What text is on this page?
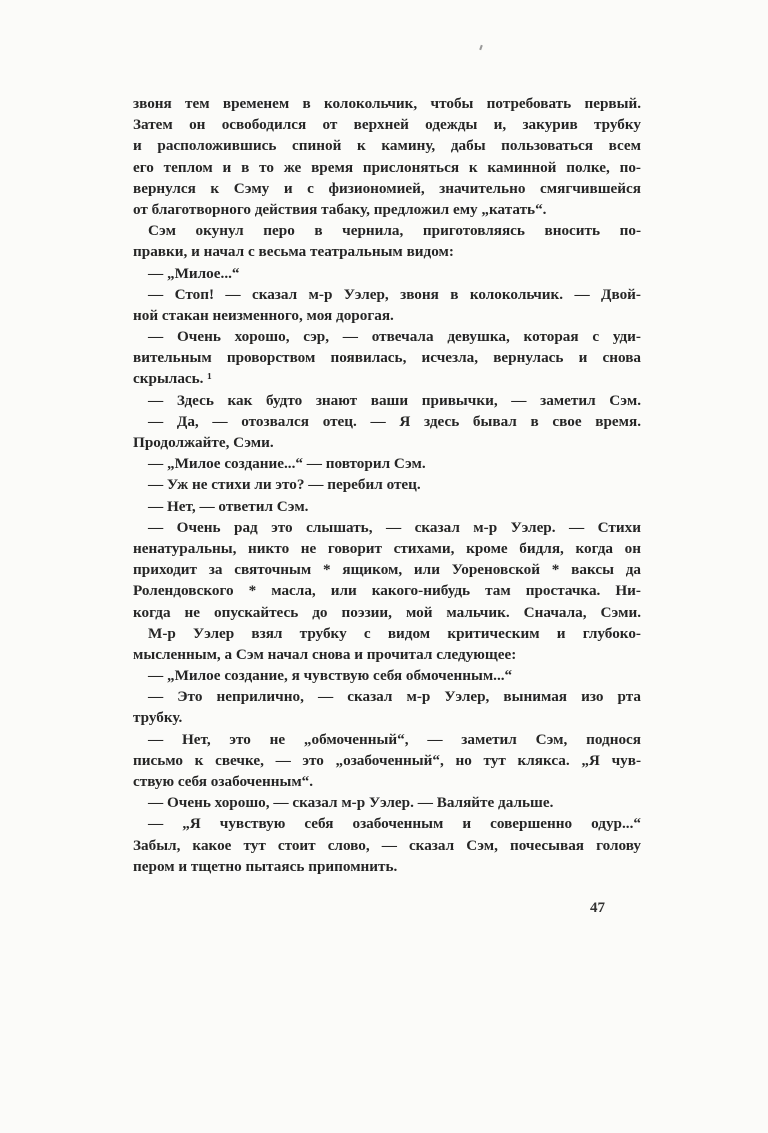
звоня тем временем в колокольчик, чтобы потребовать первый.
Затем он освободился от верхней одежды и, закурив трубку
и расположившись спиной к камину, дабы пользоваться всем
его теплом и в то же время прислоняться к каминной полке, по-
вернулся к Сэму и с физиономией, значительно смягчившейся
от благотворного действия табаку, предложил ему „катать“.
Сэм окунул перо в чернила, приготовляясь вносить по-
правки, и начал с весьма театральным видом:
— „Милое...“
— Стоп! — сказал м-р Уэлер, звоня в колокольчик. — Двой-
ной стакан неизменного, моя дорогая.
— Очень хорошо, сэр, — отвечала девушка, которая с уди-
вительным проворством появилась, исчезла, вернулась и снова
скрылась. ¹
— Здесь как будто знают ваши привычки, — заметил Сэм.
— Да, — отозвался отец. — Я здесь бывал в свое время.
Продолжайте, Сэми.
— „Милое создание...“ — повторил Сэм.
— Уж не стихи ли это? — перебил отец.
— Нет, — ответил Сэм.
— Очень рад это слышать, — сказал м-р Уэлер. — Стихи
ненатуральны, никто не говорит стихами, кроме бидля, когда он
приходит за святочным * ящиком, или Уореновской * ваксы да
Ролендовского * масла, или какого-нибудь там простачка. Ни-
когда не опускайтесь до поэзии, мой мальчик. Сначала, Сэми.
М-р Уэлер взял трубку с видом критическим и глубоко-
мысленным, а Сэм начал снова и прочитал следующее:
— „Милое создание, я чувствую себя обмоченным...“
— Это неприлично, — сказал м-р Уэлер, вынимая изо рта
трубку.
— Нет, это не „обмоченный“, — заметил Сэм, поднося
письмо к свечке, — это „озабоченный“, но тут клякса. „Я чув-
ствую себя озабоченным“.
— Очень хорошо, — сказал м-р Уэлер. — Валяйте дальше.
— „Я чувствую себя озабоченным и совершенно одур...“
Забыл, какое тут стоит слово, — сказал Сэм, почесывая голову
пером и тщетно пытаясь припомнить.
47
